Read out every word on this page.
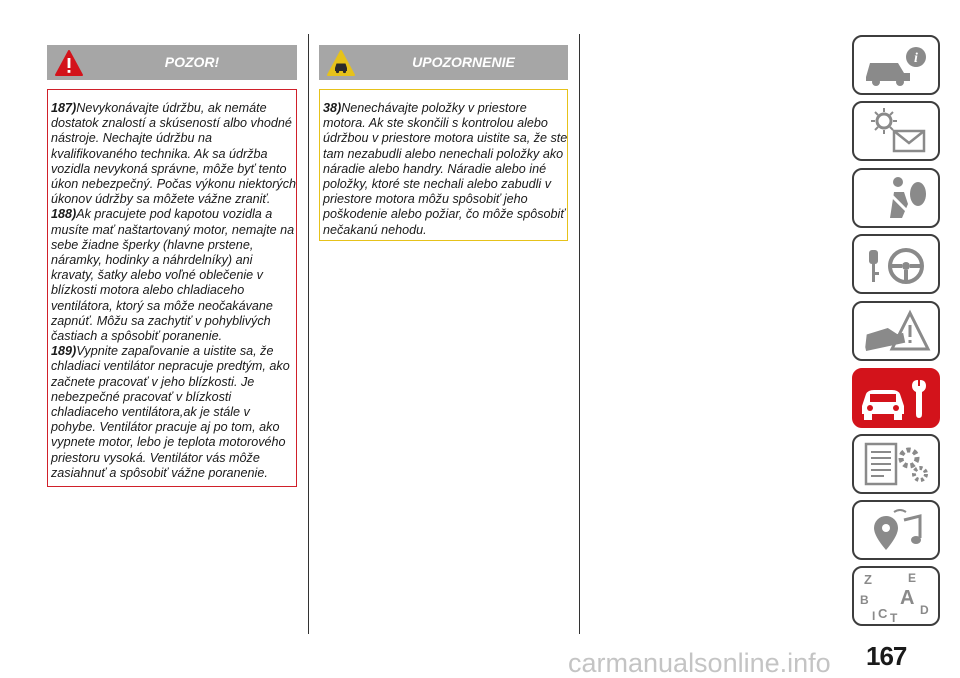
POZOR!

187)Nevykonávajte údržbu, ak nemáte dostatok znalostí a skúseností albo vhodné nástroje. Nechajte údržbu na kvalifikovaného technika. Ak sa údržba vozidla nevykoná správne, môže byť tento úkon nebezpečný. Počas výkonu niektorých úkonov údržby sa môžete vážne zraniť.

188)Ak pracujete pod kapotou vozidla a musíte mať naštartovaný motor, nemajte na sebe žiadne šperky (hlavne prstene, náramky, hodinky a náhrdelníky) ani kravaty, šatky alebo voľné oblečenie v blízkosti motora alebo chladiaceho ventilátora, ktorý sa môže neočakávane zapnúť. Môžu sa zachytiť v pohyblivých častiach a spôsobiť poranenie.

189)Vypnite zapaľovanie a uistite sa, že chladiaci ventilátor nepracuje predtým, ako začnete pracovať v jeho blízkosti. Je nebezpečné pracovať v blízkosti chladiaceho ventilátora,ak je stále v pohybe. Ventilátor pracuje aj po tom, ako vypnete motor, lebo je teplota motorového priestoru vysoká. Ventilátor vás môže zasiahnuť a spôsobiť vážne poranenie.

UPOZORNENIE

38)Nenechávajte položky v priestore motora. Ak ste skončili s kontrolou alebo údržbou v priestore motora uistite sa, že ste tam nezabudli alebo nenechali položky ako náradie alebo handry. Náradie alebo iné položky, ktoré ste nechali alebo zabudli v priestore motora môžu spôsobiť jeho poškodenie alebo požiar, čo môže spôsobiť nečakanú nehodu.

i
Z	E
B A
D
C T
I
167
carmanualsonline.info
